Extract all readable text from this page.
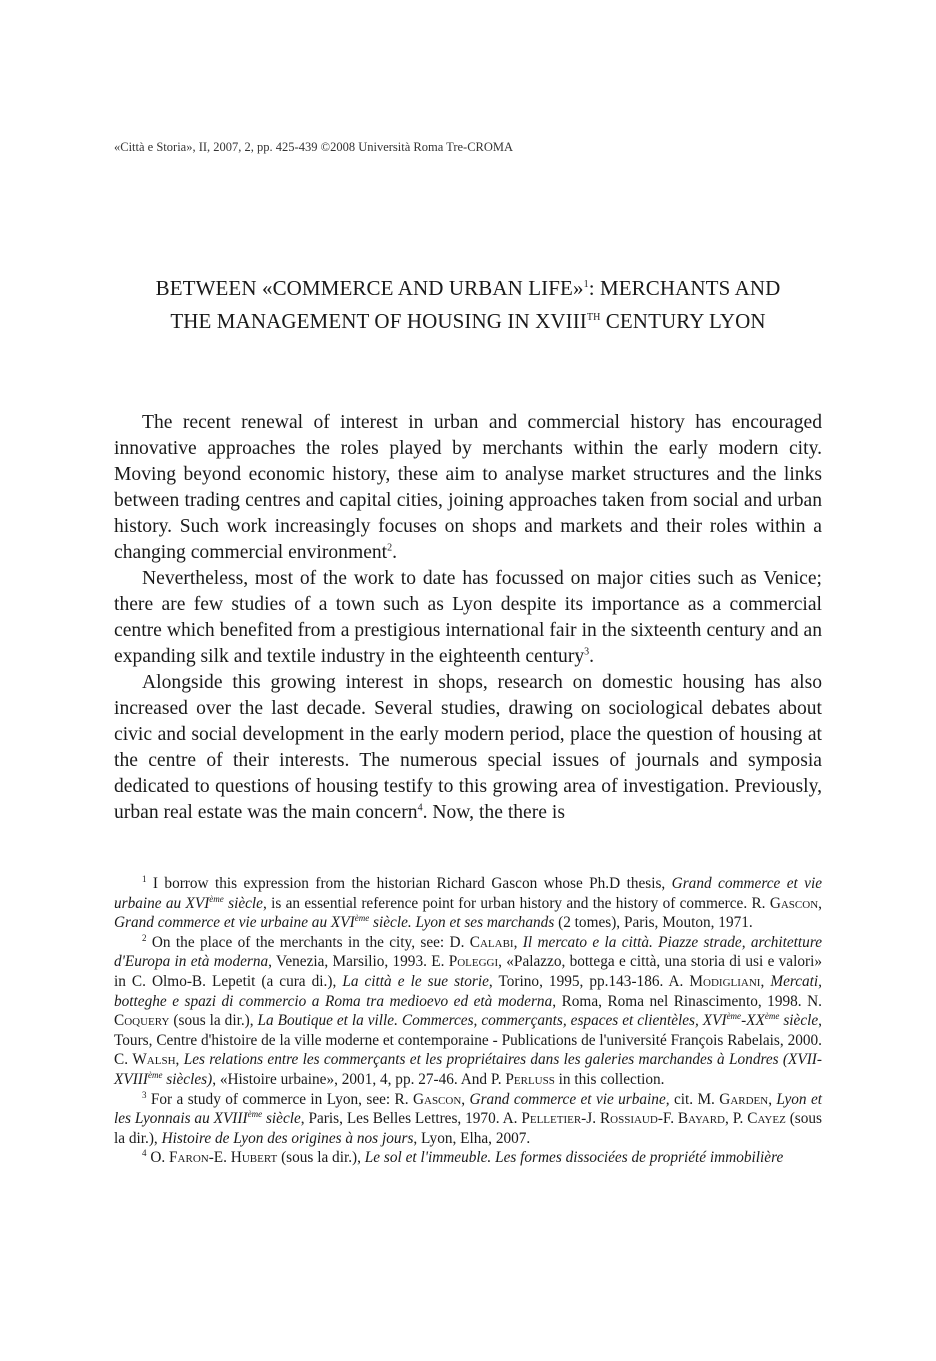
«Città e Storia», II, 2007, 2, pp. 425-439 ©2008 Università Roma Tre-CROMA
BETWEEN «COMMERCE AND URBAN LIFE»$^1$: MERCHANTS AND
THE MANAGEMENT OF HOUSING IN XVIIITH CENTURY LYON

The recent renewal of interest in urban and commercial history has encouraged innovative approaches the roles played by merchants within the early modern city. Moving beyond economic history, these aim to analyse market structures and the links between trading centres and capital cities, joining approaches taken from social and urban history. Such work increasingly focuses on shops and markets and their roles within a changing commercial environment$^2$.

Nevertheless, most of the work to date has focussed on major cities such as Venice; there are few studies of a town such as Lyon despite its importance as a commercial centre which benefited from a prestigious international fair in the sixteenth century and an expanding silk and textile industry in the eighteenth century$^3$.

Alongside this growing interest in shops, research on domestic housing has also increased over the last decade. Several studies, drawing on sociological debates about civic and social development in the early modern period, place the question of housing at the centre of their interests. The numerous special issues of journals and symposia dedicated to questions of housing testify to this growing area of investigation. Previously, urban real estate was the main concern$^4$. Now, the there is

$^1$ I borrow this expression from the historian Richard Gascon whose Ph.D thesis, Grand commerce et vie urbaine au XVIème siècle, is an essential reference point for urban history and the history of commerce. R. Gascon, Grand commerce et vie urbaine au XVIème siècle. Lyon et ses marchands (2 tomes), Paris, Mouton, 1971.

$^2$ On the place of the merchants in the city, see: D. Calabi, Il mercato e la città. Piazze strade, architetture d'Europa in età moderna, Venezia, Marsilio, 1993. E. Poleggi, «Palazzo, bottega e città, una storia di usi e valori» in C. Olmo-B. Lepetit (a cura di.), La città e le sue storie, Torino, 1995, pp.143-186. A. Modigliani, Mercati, botteghe e spazi di commercio a Roma tra medioevo ed età moderna, Roma, Roma nel Rinascimento, 1998. N. Coquery (sous la dir.), La Boutique et la ville. Commerces, commerçants, espaces et clientèles, XVIème-XXème siècle, Tours, Centre d'histoire de la ville moderne et contemporaine - Publications de l'université François Rabelais, 2000. C. Walsh, Les relations entre les commerçants et les propriétaires dans les galeries marchandes à Londres (XVII-XVIIIème siècles), «Histoire urbaine», 2001, 4, pp. 27-46. And P. Perluss in this collection.

$^3$ For a study of commerce in Lyon, see: R. Gascon, Grand commerce et vie urbaine, cit. M. Garden, Lyon et les Lyonnais au XVIIIème siècle, Paris, Les Belles Lettres, 1970. A. Pelletier-J. Rossiaud-F. Bayard, P. Cayez (sous la dir.), Histoire de Lyon des origines à nos jours, Lyon, Elha, 2007.

$^4$ O. Faron-E. Hubert (sous la dir.), Le sol et l'immeuble. Les formes dissociées de propriété immobilière
